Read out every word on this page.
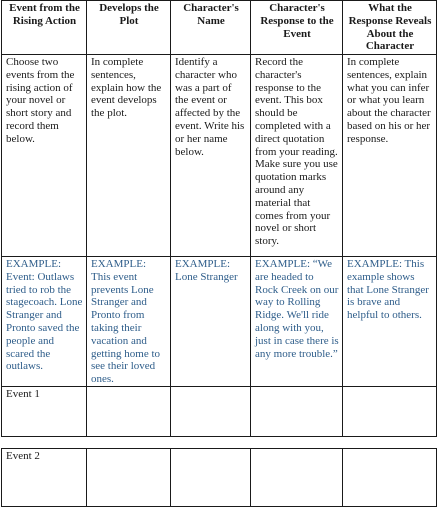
Event from the Rising Action	Develops the Plot	Character's Name	Character's Response to the Event	What the Response Reveals About the Character
Choose two events from the rising action of your novel or short story and record them below.	In complete sentences, explain how the event develops the plot.	Identify a character who was a part of the event or affected by the event. Write his or her name below.	Record the character's response to the event. This box should be completed with a direct quotation from your reading. Make sure you use quotation marks around any material that comes from your novel or short story.	In complete sentences, explain what you can infer or what you learn about the character based on his or her response.
EXAMPLE: Event: Outlaws tried to rob the stagecoach. Lone Stranger and Pronto saved the people and scared the outlaws.	EXAMPLE: This event prevents Lone Stranger and Pronto from taking their vacation and getting home to see their loved ones.	EXAMPLE: Lone Stranger	EXAMPLE: “We are headed to Rock Creek on our way to Rolling Ridge. We'll ride along with you, just in case there is any more trouble.”	EXAMPLE: This example shows that Lone Stranger is brave and helpful to others.
Event 1				
Event 2				
